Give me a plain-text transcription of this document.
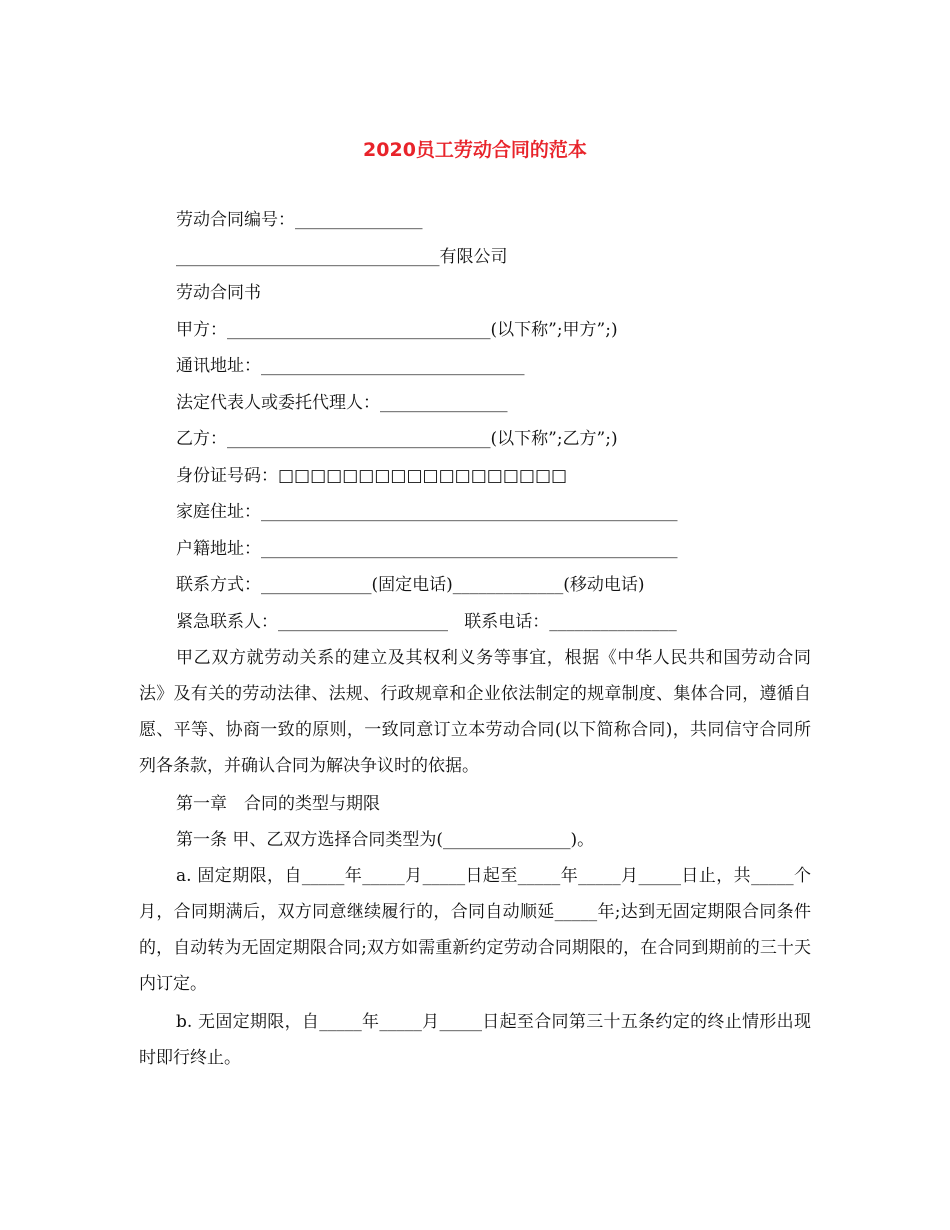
2020员工劳动合同的范本
劳动合同编号：_______________
_______________________________有限公司
劳动合同书
甲方：_______________________________(以下称”;甲方”;)
通讯地址：_______________________________
法定代表人或委托代理人：_______________
乙方：_______________________________(以下称”;乙方”;)
身份证号码：□□□□□□□□□□□□□□□□□□
家庭住址：_________________________________________________
户籍地址：_________________________________________________
联系方式：_____________(固定电话)_____________(移动电话)
紧急联系人：____________________   联系电话：_______________
甲乙双方就劳动关系的建立及其权利义务等事宜，根据《中华人民共和国劳动合同法》及有关的劳动法律、法规、行政规章和企业依法制定的规章制度、集体合同，遵循自愿、平等、协商一致的原则，一致同意订立本劳动合同(以下简称合同)，共同信守合同所列各条款，并确认合同为解决争议时的依据。
第一章　合同的类型与期限
第一条 甲、乙双方选择合同类型为(_______________)。
a. 固定期限，自_____年_____月_____日起至_____年_____月_____日止，共_____个月，合同期满后，双方同意继续履行的，合同自动顺延_____年;达到无固定期限合同条件的，自动转为无固定期限合同;双方如需重新约定劳动合同期限的，在合同到期前的三十天内订定。
b. 无固定期限，自_____年_____月_____日起至合同第三十五条约定的终止情形出现时即行终止。
